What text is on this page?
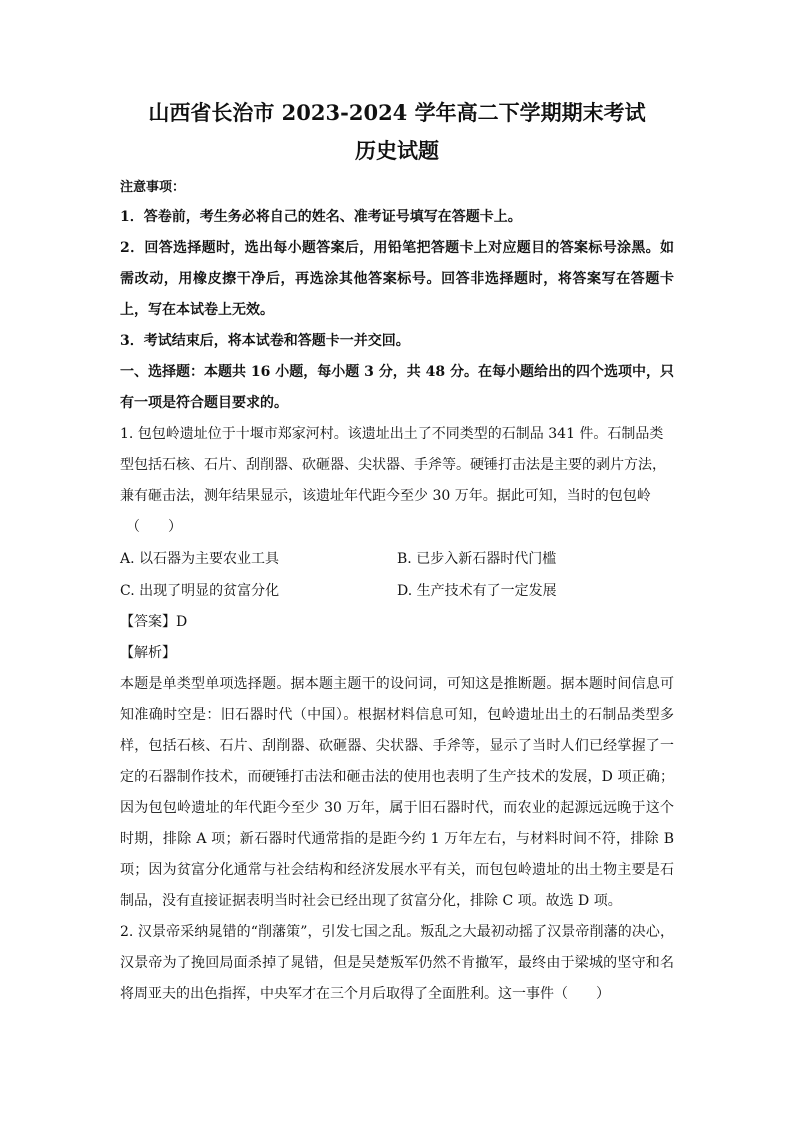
山西省长治市 2023-2024 学年高二下学期期末考试
历史试题

注意事项：

1．答卷前，考生务必将自己的姓名、准考证号填写在答题卡上。

2．回答选择题时，选出每小题答案后，用铅笔把答题卡上对应题目的答案标号涂黑。如需改动，用橡皮擦干净后，再选涂其他答案标号。回答非选择题时，将答案写在答题卡上，写在本试卷上无效。

3．考试结束后，将本试卷和答题卡一并交回。

一、选择题：本题共 16 小题，每小题 3 分，共 48 分。在每小题给出的四个选项中，只有一项是符合题目要求的。

1. 包包岭遗址位于十堰市郑家河村。该遗址出土了不同类型的石制品 341 件。石制品类型包括石核、石片、刮削器、砍砸器、尖状器、手斧等。硬锤打击法是主要的剥片方法，兼有砸击法，测年结果显示，该遗址年代距今至少 30 万年。据此可知，当时的包包岭

（　　）
A. 以石器为主要农业工具	B. 已步入新石器时代门槛
C. 出现了明显的贫富分化	D. 生产技术有了一定发展

【答案】D

【解析】

本题是单类型单项选择题。据本题主题干的设问词，可知这是推断题。据本题时间信息可知准确时空是：旧石器时代（中国）。根据材料信息可知，包岭遗址出土的石制品类型多样，包括石核、石片、刮削器、砍砸器、尖状器、手斧等，显示了当时人们已经掌握了一定的石器制作技术，而硬锤打击法和砸击法的使用也表明了生产技术的发展，D 项正确；因为包包岭遗址的年代距今至少 30 万年，属于旧石器时代，而农业的起源远远晚于这个时期，排除 A 项；新石器时代通常指的是距今约 1 万年左右，与材料时间不符，排除 B 项；因为贫富分化通常与社会结构和经济发展水平有关，而包包岭遗址的出土物主要是石制品，没有直接证据表明当时社会已经出现了贫富分化，排除 C 项。故选 D 项。

2. 汉景帝采纳晁错的“削藩策”，引发七国之乱。叛乱之大最初动摇了汉景帝削藩的决心，汉景帝为了挽回局面杀掉了晁错，但是吴楚叛军仍然不肯撤军，最终由于梁城的坚守和名将周亚夫的出色指挥，中央军才在三个月后取得了全面胜利。这一事件（　　）
